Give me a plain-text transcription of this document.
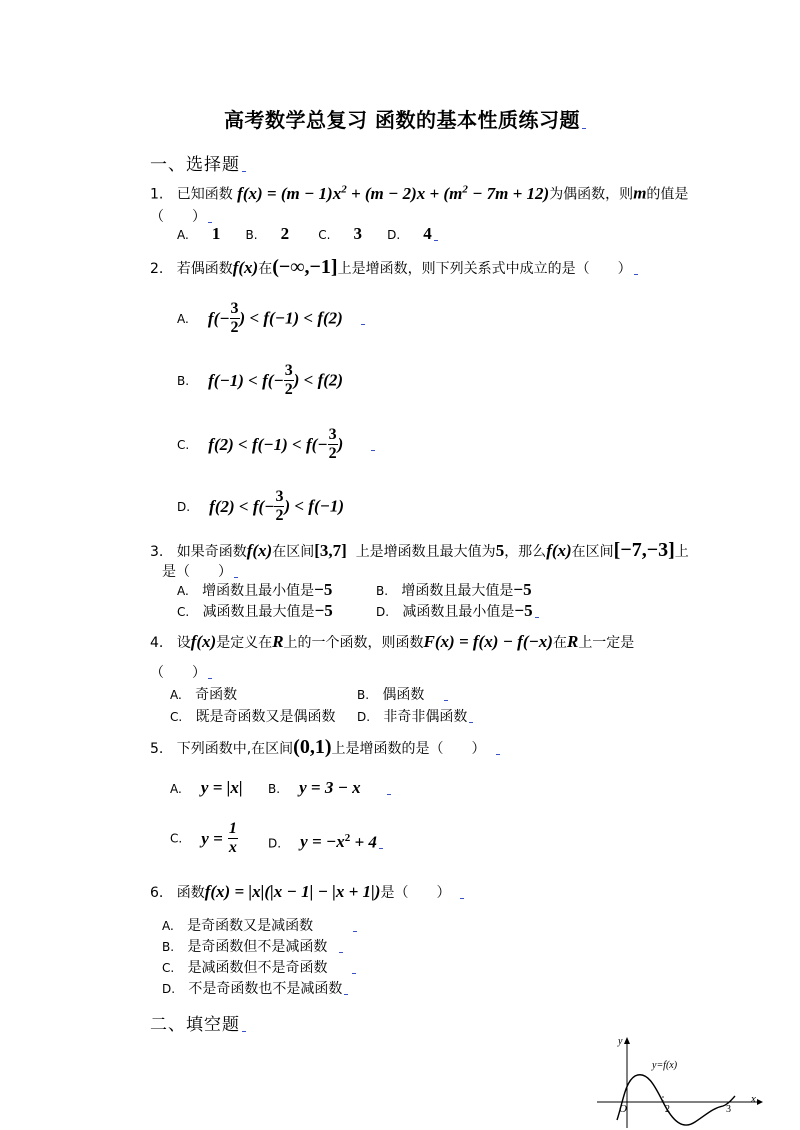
高考数学总复习 函数的基本性质练习题
一、选择题
1. 已知函数 $f(x) = (m - 1)x^2 + (m - 2)x + (m^2 - 7m + 12)$为偶函数，则m的值是
（　　）
A. 1 B. 2 C. 3 D. 4
2. 若偶函数f(x)在(−∞,−1]上是增函数，则下列关系式中成立的是（　　）
A. $f(- \frac{3}{2}$ ) < f(−1) < f(2)
B. $f(-1) < f(- \frac{3}{2}$ ) < f(2)
C. $f(2) < f(-1) < f(- \frac{3}{2}$ )
D. $f(2) < f(- \frac{3}{2}$ ) < f(−1)
3. 如果奇函数f(x)在区间[3,7] 上是增函数且最大值为5，那么f(x)在区间[−7,−3]上
是（　　）
A. 增函数且最小值是−5	B. 增函数且最大值是−5
C. 减函数且最大值是−5	D. 减函数且最小值是−5
4. 设f(x)是定义在R上的一个函数，则函数F(x) = f(x) − f(−x)在R上一定是
（　　）
A. 奇函数	B. 偶函数
C. 既是奇函数又是偶函数 D. 非奇非偶函数
5. 下列函数中,在区间(0,1)上是增函数的是（　　）
A. y = |x| B. y = 3 − x
C. $y = \frac{1}{x}$	D. $y = -x^2 + 4$
6. 函数f(x) = |x|(|x − 1| − |x + 1|)是（　　）
A. 是奇函数又是减函数
B. 是奇函数但不是减函数
C. 是减函数但不是奇函数
D. 不是奇函数也不是减函数
二、填空题
y
x
O
y=f(x)
2	3
